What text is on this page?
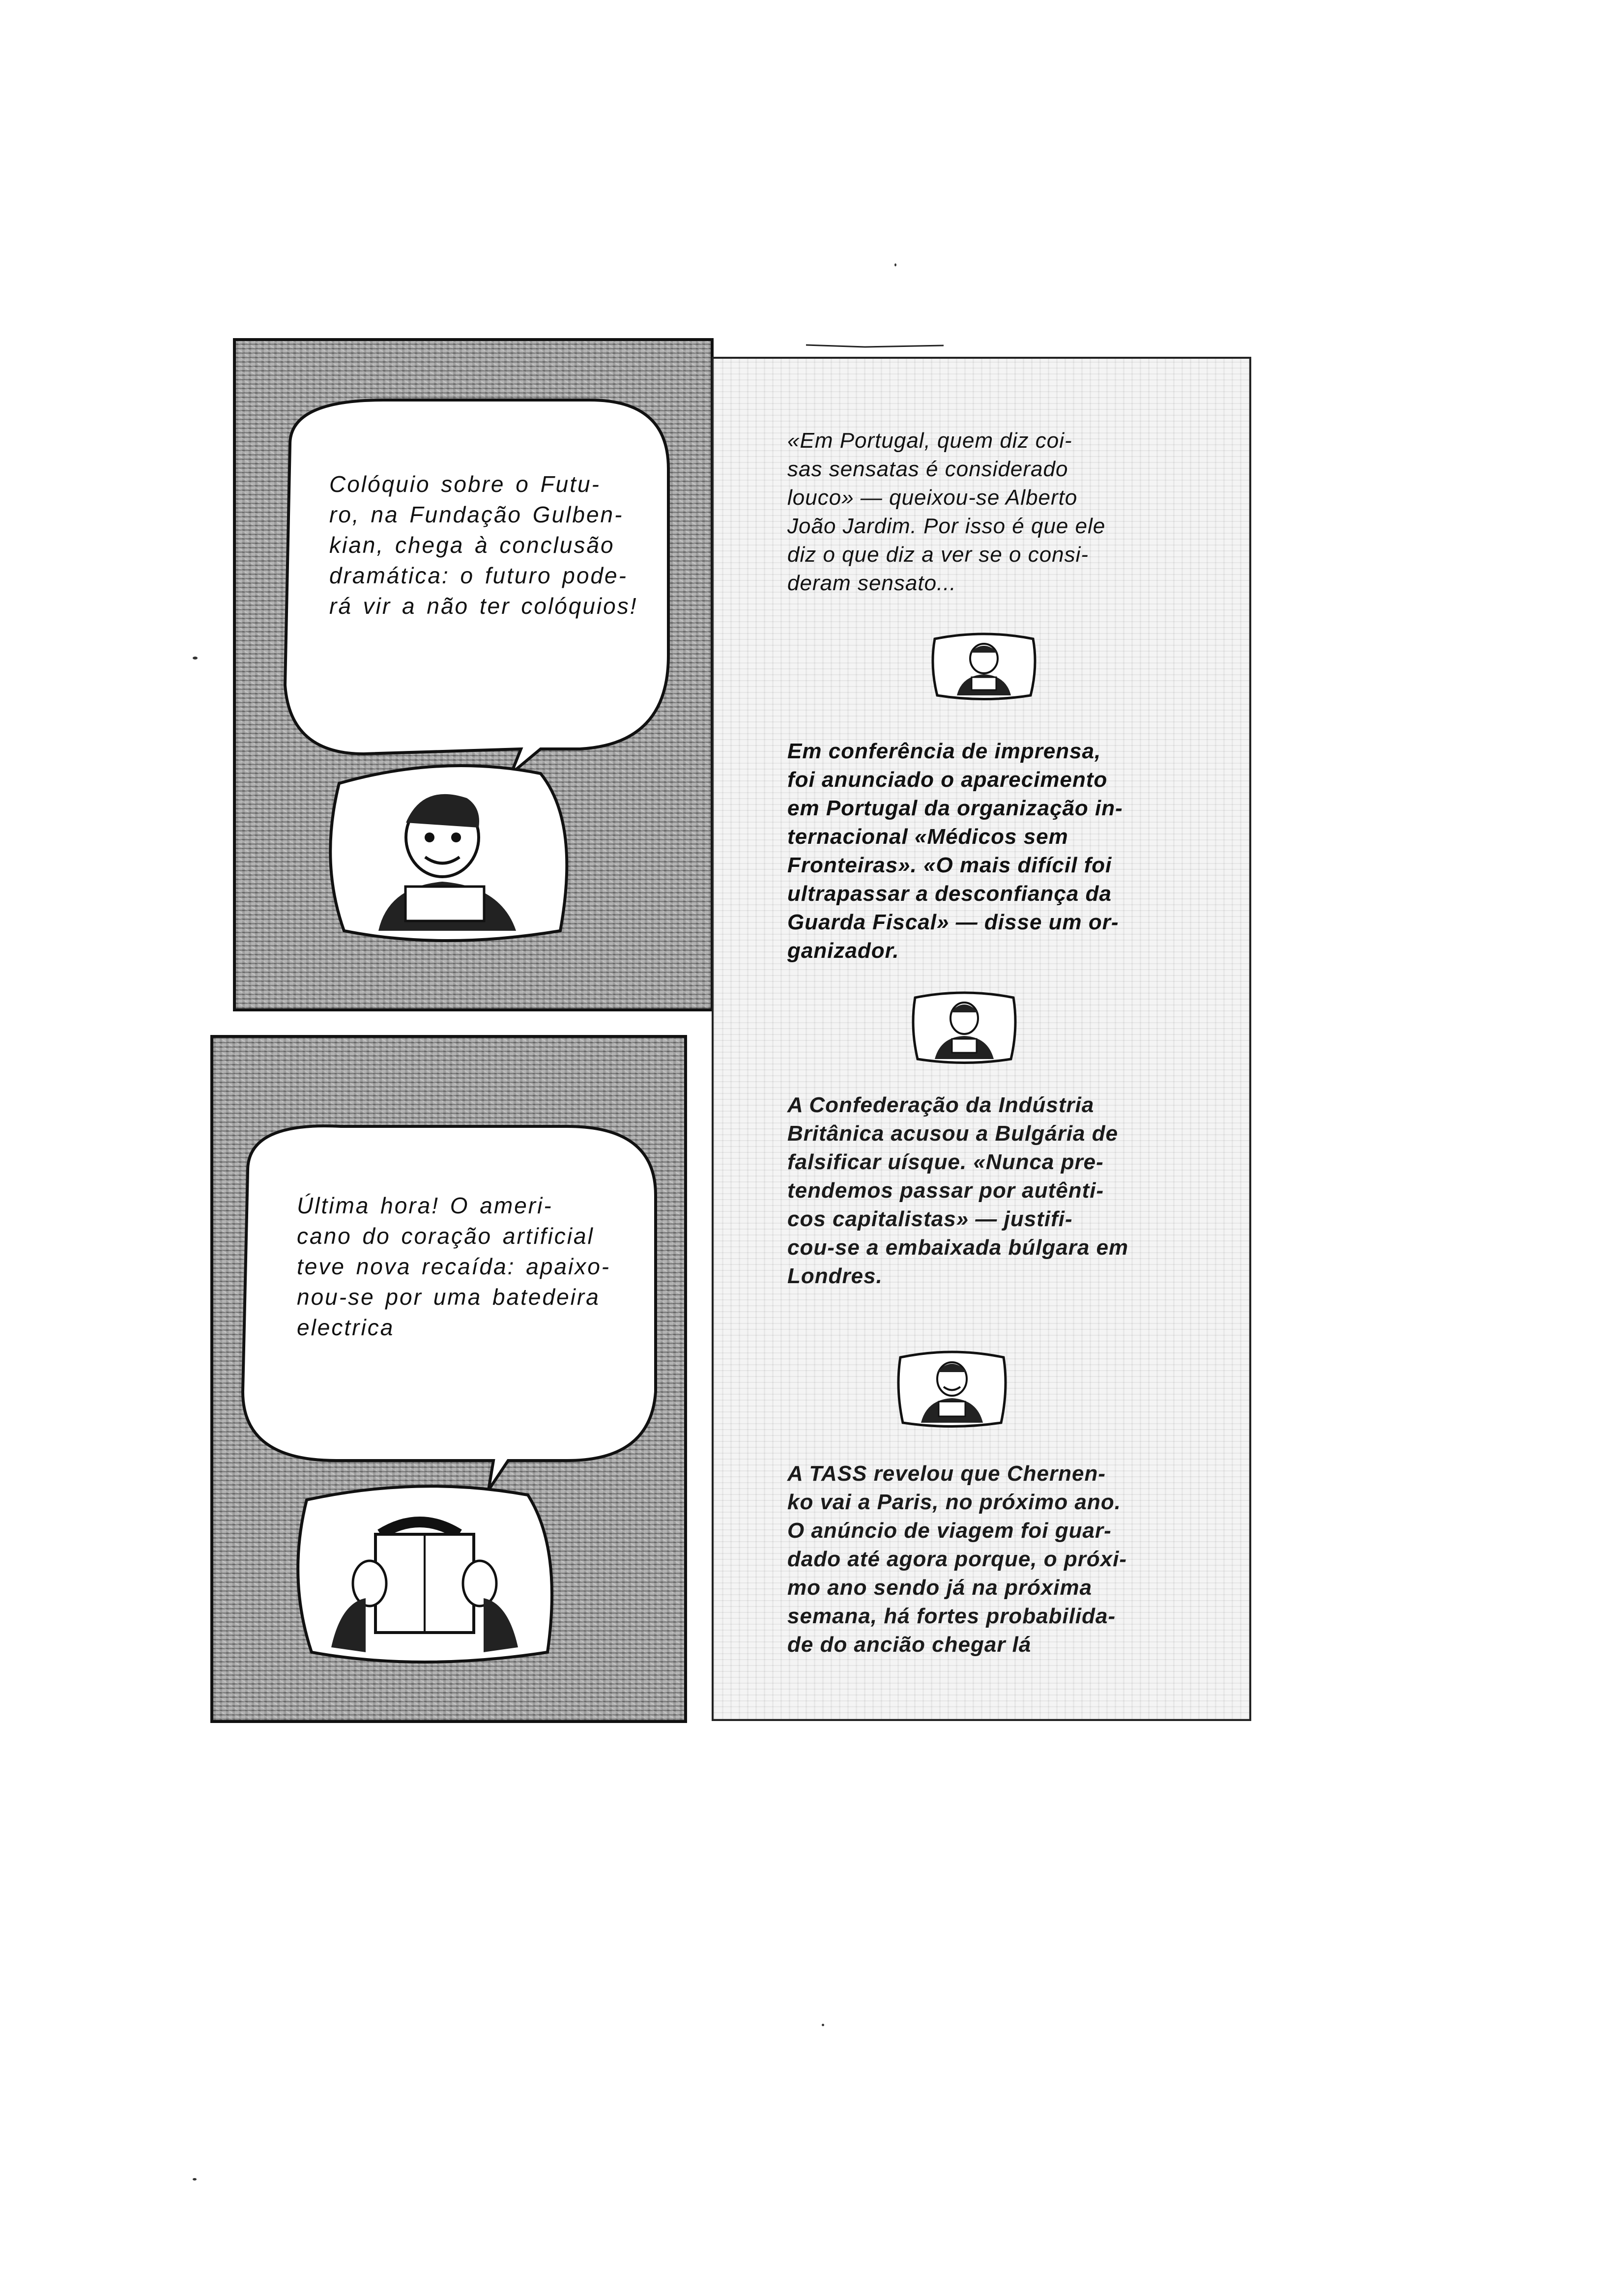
Colóquio sobre o Futu-
ro, na Fundação Gulben-
kian, chega à conclusão
dramática: o futuro pode-
rá vir a não ter colóquios!
Última hora! O ameri-
cano do coração artificial
teve nova recaída: apaixo-
nou-se por uma batedeira
electrica
«Em Portugal, quem diz coi-
sas sensatas é considerado
louco» — queixou-se Alberto
João Jardim. Por isso é que ele
diz o que diz a ver se o consi-
deram sensato...
Em conferência de imprensa,
foi anunciado o aparecimento
em Portugal da organização in-
ternacional «Médicos sem
Fronteiras». «O mais difícil foi
ultrapassar a desconfiança da
Guarda Fiscal» — disse um or-
ganizador.
A Confederação da Indústria
Britânica acusou a Bulgária de
falsificar uísque. «Nunca pre-
tendemos passar por autênti-
cos capitalistas» — justifi-
cou-se a embaixada búlgara em
Londres.
A TASS revelou que Chernen-
ko vai a Paris, no próximo ano.
O anúncio de viagem foi guar-
dado até agora porque, o próxi-
mo ano sendo já na próxima
semana, há fortes probabilida-
de do ancião chegar lá
